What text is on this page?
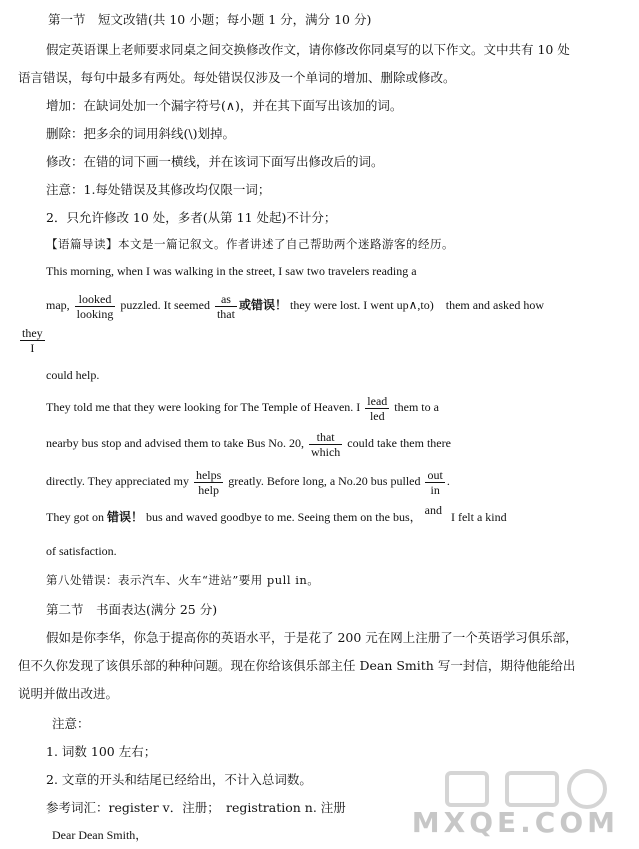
第一节　短文改错(共 10 小题；每小题 1 分，满分 10 分)
假定英语课上老师要求同桌之间交换修改作文，请你修改你同桌写的以下作文。文中共有 10 处
语言错误，每句中最多有两处。每处错误仅涉及一个单词的增加、删除或修改。
增加：在缺词处加一个漏字符号(∧)，并在其下面写出该加的词。
删除：把多余的词用斜线(\)划掉。
修改：在错的词下画一横线，并在该词下面写出修改后的词。
注意：1.每处错误及其修改均仅限一词；
2．只允许修改 10 处，多者(从第 11 处起)不计分；
【语篇导读】本文是一篇记叙文。作者讲述了自己帮助两个迷路游客的经历。
This morning, when I was walking in the street, I saw two travelers reading a
map, $\frac{\text{looked}}{\text{looking}}$ puzzled. It seemed $\frac{as}{\text{that}}$ 或错误！ they were lost. I went up∧,to)　them and asked how
$\frac{\text{they}}{I}$
could help.
They told me that they were looking for The Temple of Heaven. I $\frac{\text{lead}}{\text{led}}$ them to a
nearby bus stop and advised them to take Bus No. 20, $\frac{\text{that}}{\text{which}}$ could take them there
directly. They appreciated my $\frac{\text{helps}}{\text{help}}$ greatly. Before long, a No.20 bus pulled $\frac{\text{out}}{in}$ .
They got on 错误！ bus and waved goodbye to me. Seeing them on the bus， and I felt a kind
of satisfaction.
第八处错误：表示汽车、火车“进站”要用 pull in。
第二节　书面表达(满分 25 分)
假如是你李华，你急于提高你的英语水平，于是花了 200 元在网上注册了一个英语学习俱乐部，
但不久你发现了该俱乐部的种种问题。现在你给该俱乐部主任 Dean Smith 写一封信，期待他能给出
说明并做出改进。
注意：
1. 词数 100 左右；
2. 文章的开头和结尾已经给出，不计入总词数。
参考词汇：register v．注册；　registration n. 注册
Dear Dean Smith，	MXQE.COM
